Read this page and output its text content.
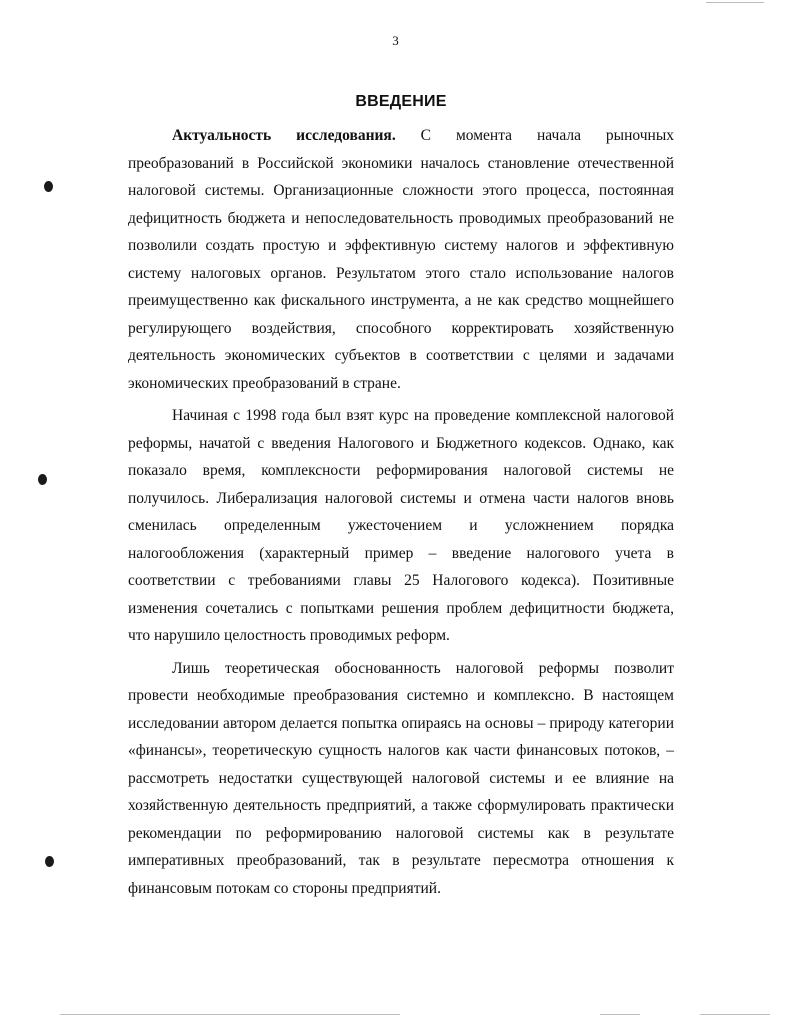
3
ВВЕДЕНИЕ

Актуальность исследования. С момента начала рыночных преобразований в Российской экономики началось становление отечественной налоговой системы. Организационные сложности этого процесса, постоянная дефицитность бюджета и непоследовательность проводимых преобразований не позволили создать простую и эффективную систему налогов и эффективную систему налоговых органов. Результатом этого стало использование налогов преимущественно как фискального инструмента, а не как средство мощнейшего регулирующего воздействия, способного корректировать хозяйственную деятельность экономических субъектов в соответствии с целями и задачами экономических преобразований в стране.

Начиная с 1998 года был взят курс на проведение комплексной налоговой реформы, начатой с введения Налогового и Бюджетного кодексов. Однако, как показало время, комплексности реформирования налоговой системы не получилось. Либерализация налоговой системы и отмена части налогов вновь сменилась определенным ужесточением и усложнением порядка налогообложения (характерный пример – введение налогового учета в соответствии с требованиями главы 25 Налогового кодекса). Позитивные изменения сочетались с попытками решения проблем дефицитности бюджета, что нарушило целостность проводимых реформ.

Лишь теоретическая обоснованность налоговой реформы позволит провести необходимые преобразования системно и комплексно. В настоящем исследовании автором делается попытка опираясь на основы – природу категории «финансы», теоретическую сущность налогов как части финансовых потоков, – рассмотреть недостатки существующей налоговой системы и ее влияние на хозяйственную деятельность предприятий, а также сформулировать практически рекомендации по реформированию налоговой системы как в результате императивных преобразований, так в результате пересмотра отношения к финансовым потокам со стороны предприятий.
